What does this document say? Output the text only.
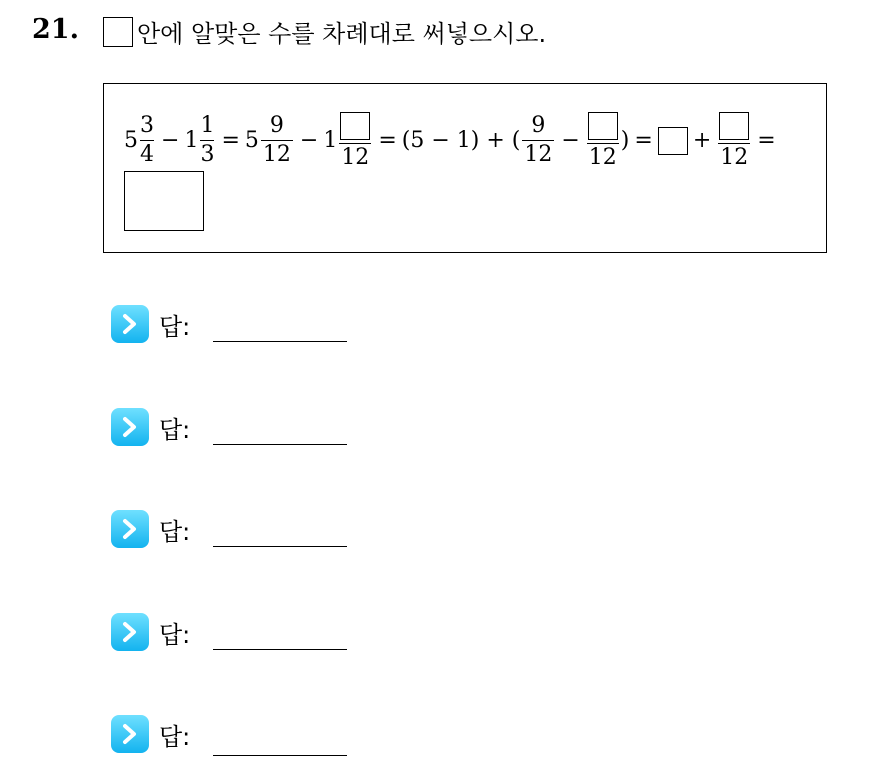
21. 안에 알맞은 수를 차례대로 써넣으시오.
$5 \frac{3}{4} - 1 \frac{1}{3} = 5 \frac{9}{12} - 1$
12
= (5 − 1) + ( $\frac{9}{12}$ −
12
) = +
12
=
답:
답:
답:
답:
답:
